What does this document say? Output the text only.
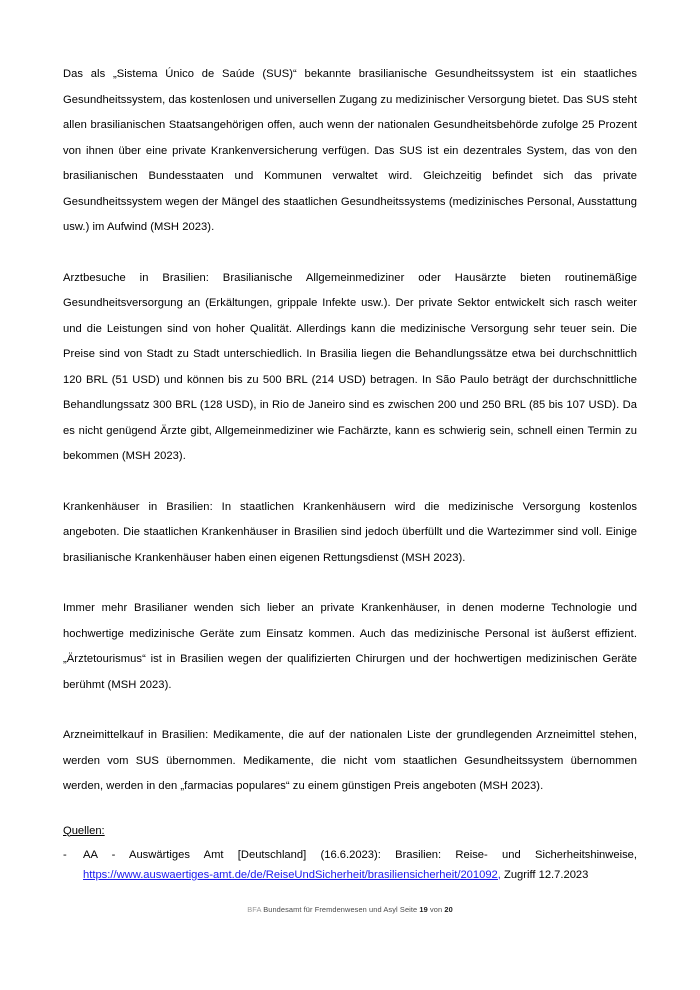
Das als „Sistema Único de Saúde (SUS)“ bekannte brasilianische Gesundheitssystem ist ein staatliches Gesundheitssystem, das kostenlosen und universellen Zugang zu medizinischer Versorgung bietet. Das SUS steht allen brasilianischen Staatsangehörigen offen, auch wenn der nationalen Gesundheitsbehörde zufolge 25 Prozent von ihnen über eine private Krankenversicherung verfügen. Das SUS ist ein dezentrales System, das von den brasilianischen Bundesstaaten und Kommunen verwaltet wird. Gleichzeitig befindet sich das private Gesundheitssystem wegen der Mängel des staatlichen Gesundheitssystems (medizinisches Personal, Ausstattung usw.) im Aufwind (MSH 2023).

Arztbesuche in Brasilien: Brasilianische Allgemeinmediziner oder Hausärzte bieten routinemäßige Gesundheitsversorgung an (Erkältungen, grippale Infekte usw.). Der private Sektor entwickelt sich rasch weiter und die Leistungen sind von hoher Qualität. Allerdings kann die medizinische Versorgung sehr teuer sein. Die Preise sind von Stadt zu Stadt unterschiedlich. In Brasilia liegen die Behandlungssätze etwa bei durchschnittlich 120 BRL (51 USD) und können bis zu 500 BRL (214 USD) betragen. In São Paulo beträgt der durchschnittliche Behandlungssatz 300 BRL (128 USD), in Rio de Janeiro sind es zwischen 200 und 250 BRL (85 bis 107 USD). Da es nicht genügend Ärzte gibt, Allgemeinmediziner wie Fachärzte, kann es schwierig sein, schnell einen Termin zu bekommen (MSH 2023).

Krankenhäuser in Brasilien: In staatlichen Krankenhäusern wird die medizinische Versorgung kostenlos angeboten. Die staatlichen Krankenhäuser in Brasilien sind jedoch überfüllt und die Wartezimmer sind voll. Einige brasilianische Krankenhäuser haben einen eigenen Rettungsdienst (MSH 2023).

Immer mehr Brasilianer wenden sich lieber an private Krankenhäuser, in denen moderne Technologie und hochwertige medizinische Geräte zum Einsatz kommen. Auch das medizinische Personal ist äußerst effizient. „Ärztetourismus“ ist in Brasilien wegen der qualifizierten Chirurgen und der hochwertigen medizinischen Geräte berühmt (MSH 2023).

Arzneimittelkauf in Brasilien: Medikamente, die auf der nationalen Liste der grundlegenden Arzneimittel stehen, werden vom SUS übernommen. Medikamente, die nicht vom staatlichen Gesundheitssystem übernommen werden, werden in den „farmacias populares“ zu einem günstigen Preis angeboten (MSH 2023).

Quellen:

-	AA - Auswärtiges Amt [Deutschland] (16.6.2023): Brasilien: Reise- und Sicherheitshinweise, https://www.auswaertiges-amt.de/de/ReiseUndSicherheit/brasiliensicherheit/201092, Zugriff 12.7.2023
BFA Bundesamt für Fremdenwesen und Asyl Seite 19 von 20
